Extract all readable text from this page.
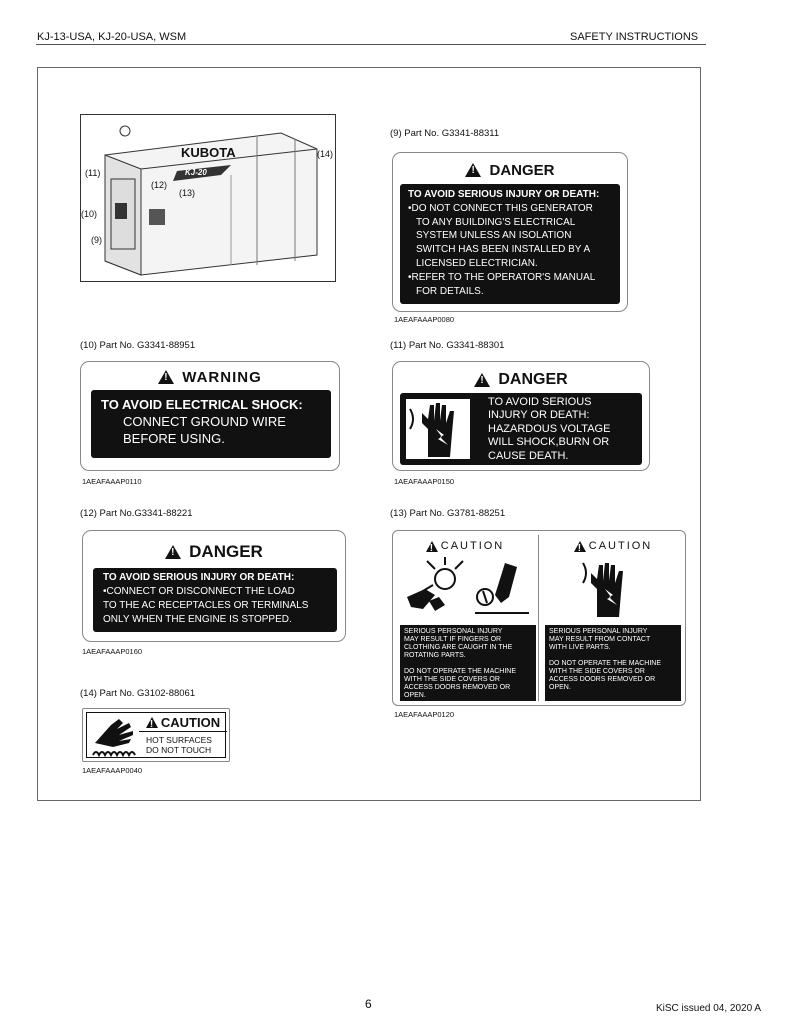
KJ-13-USA, KJ-20-USA, WSM	SAFETY INSTRUCTIONS
KUBOTA
KJ-20
(9)
(10)
(11)
(12)
(13)
(14)
(9) Part No. G3341-88311
!
DANGER
TO AVOID SERIOUS INJURY OR DEATH:
•DO NOT CONNECT THIS GENERATOR
TO ANY BUILDING'S ELECTRICAL
SYSTEM UNLESS AN ISOLATION
SWITCH HAS BEEN INSTALLED BY A
LICENSED ELECTRICIAN.
•REFER TO THE OPERATOR'S MANUAL
FOR DETAILS.
1AEAFAAAP0080
(10) Part No. G3341-88951
!
WARNING
TO AVOID ELECTRICAL SHOCK:
CONNECT GROUND WIRE
BEFORE USING.
1AEAFAAAP0110
(11) Part No. G3341-88301
!
DANGER
TO AVOID SERIOUS
INJURY OR DEATH:
HAZARDOUS VOLTAGE
WILL SHOCK,BURN OR
CAUSE DEATH.
1AEAFAAAP0150
(12) Part No.G3341-88221
!
DANGER
TO AVOID SERIOUS INJURY OR DEATH:
•CONNECT OR DISCONNECT THE LOAD
TO THE AC RECEPTACLES OR TERMINALS
ONLY WHEN THE ENGINE IS STOPPED.
1AEAFAAAP0160
(13) Part No. G3781-88251
!
CAUTION
SERIOUS PERSONAL INJURY
MAY RESULT IF FINGERS OR
CLOTHING ARE CAUGHT IN THE
ROTATING PARTS.
DO NOT OPERATE THE MACHINE
WITH THE SIDE COVERS OR
ACCESS DOORS REMOVED OR
OPEN.
!
CAUTION
SERIOUS PERSONAL INJURY
MAY RESULT FROM CONTACT
WITH LIVE PARTS.
DO NOT OPERATE THE MACHINE
WITH THE SIDE COVERS OR
ACCESS DOORS REMOVED OR
OPEN.
1AEAFAAAP0120
(14) Part No. G3102-88061
!
CAUTION
HOT SURFACES
DO NOT TOUCH
1AEAFAAAP0040
6	KiSC issued 04, 2020 A
